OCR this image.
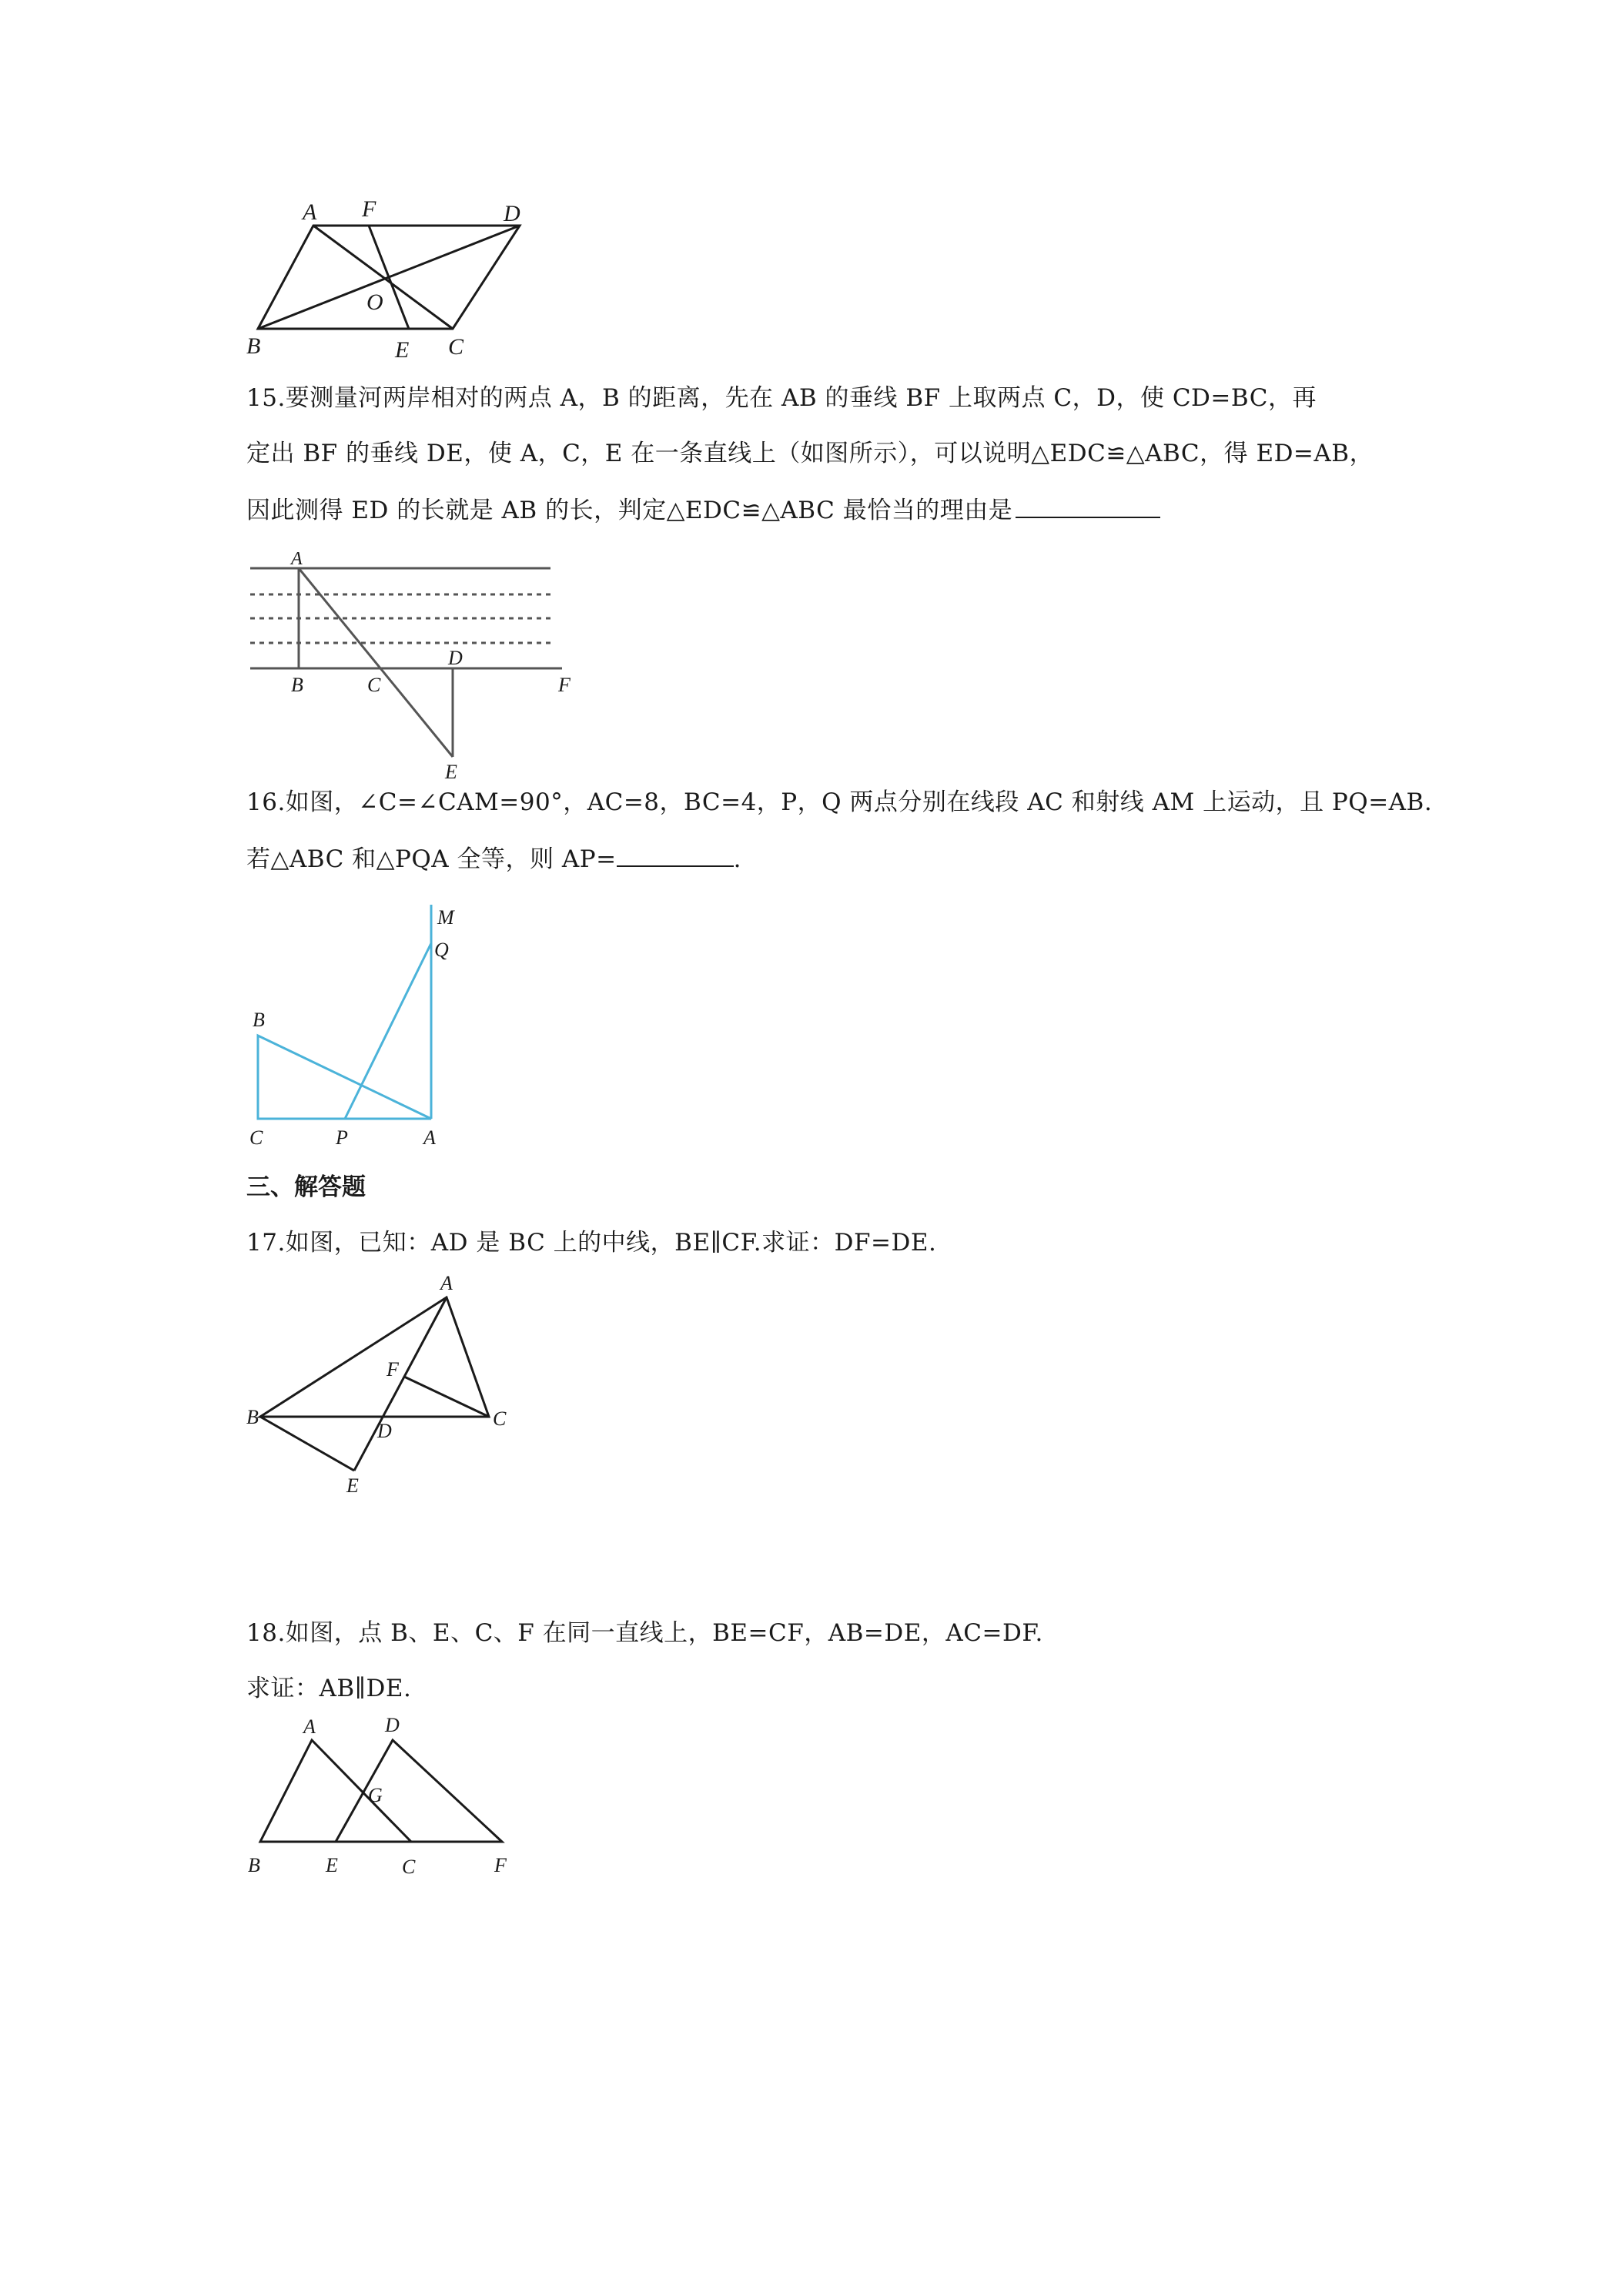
A F	D
O
B	E C

15.要测量河两岸相对的两点 A，B 的距离，先在 AB 的垂线 BF 上取两点 C，D，使 CD=BC，再

定出 BF 的垂线 DE，使 A，C，E 在一条直线上（如图所示），可以说明△EDC≌△ABC，得 ED=AB，

因此测得 ED 的长就是 AB 的长，判定△EDC≌△ABC 最恰当的理由是

A
B	C
D
F
E

16.如图，∠C=∠CAM=90°，AC=8，BC=4，P，Q 两点分别在线段 AC 和射线 AM 上运动，且 PQ=AB.

若△ABC 和△PQA 全等，则 AP=	.

M
Q
B
C	P	A

三、解答题

17.如图，已知：AD 是 BC 上的中线，BE∥CF.求证：DF=DE.

A
F
B
D
C
E

18.如图，点 B、E、C、F 在同一直线上，BE=CF，AB=DE，AC=DF.

求证：AB∥DE.

A	D
G
B	E	C	F
